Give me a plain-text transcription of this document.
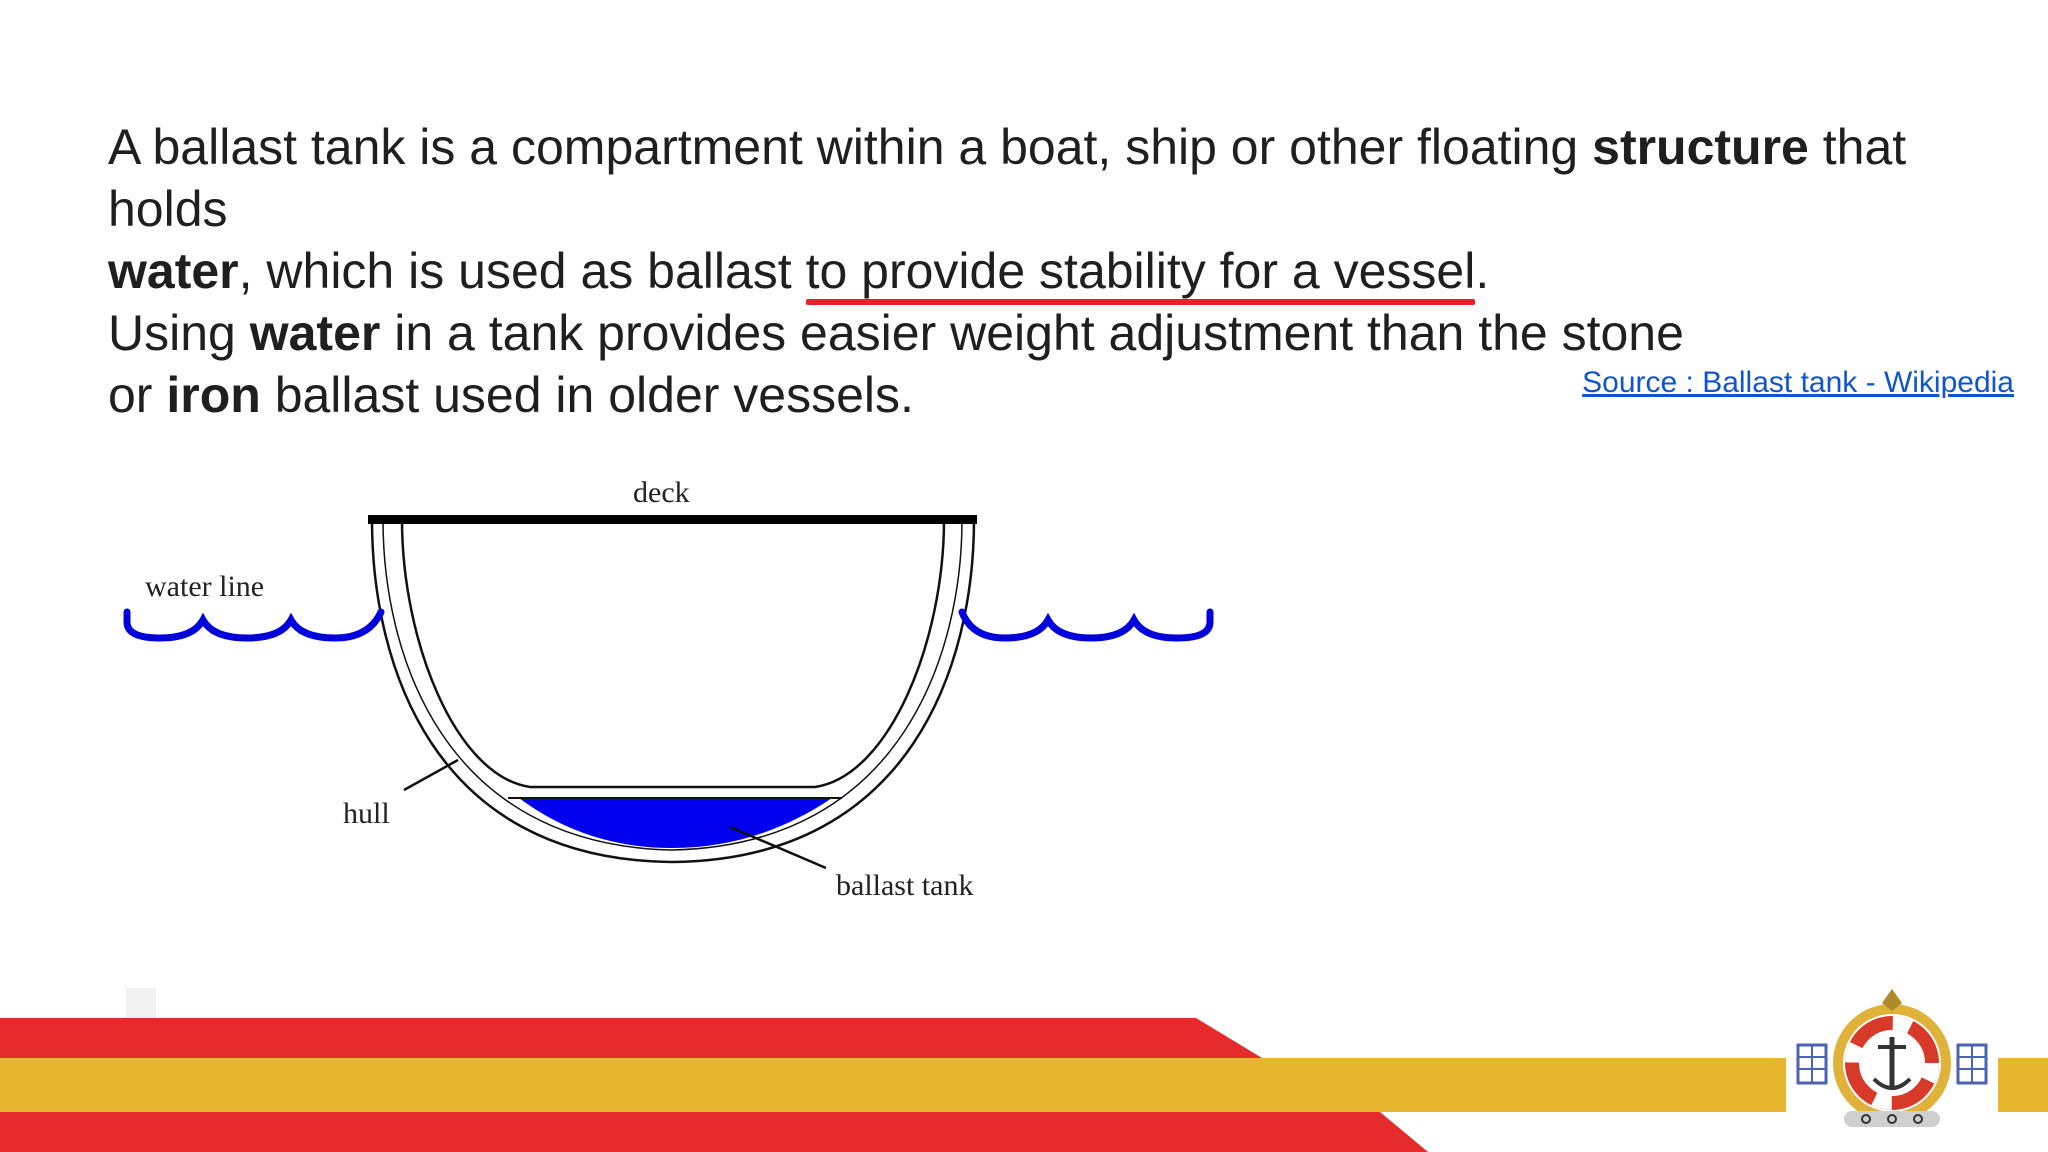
A ballast tank is a compartment within a boat, ship or other floating structure that holds
water, which is used as ballast to provide stability for a vessel
.

Using water in a tank provides easier weight adjustment than the stone

or iron ballast used in older vessels.	Source : Ballast tank - Wikipedia
deck
water line
hull
ballast tank
